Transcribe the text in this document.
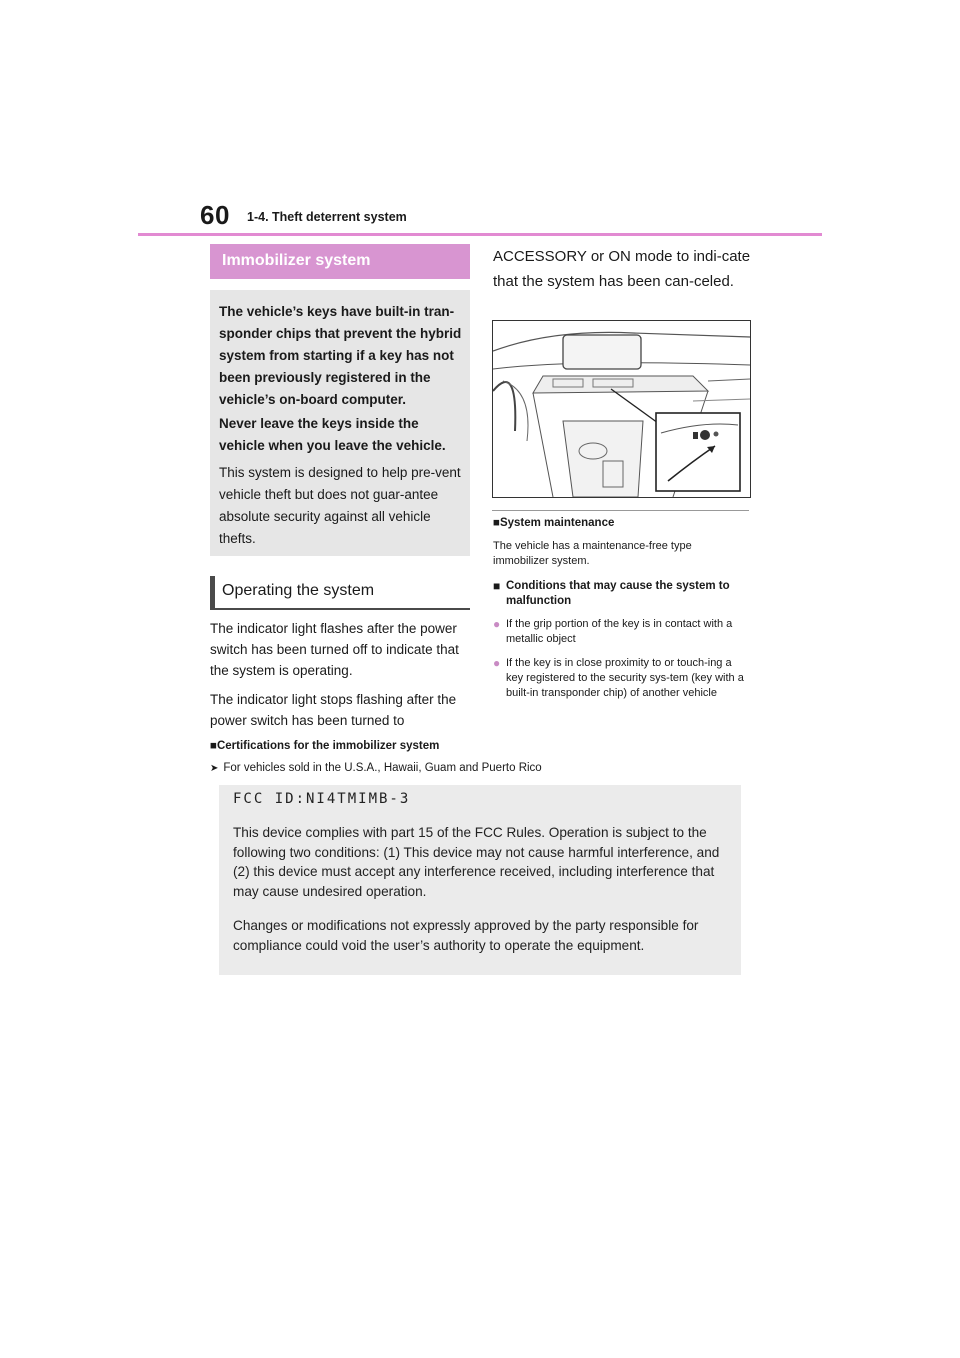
60 1-4. Theft deterrent system
Immobilizer system
The vehicle’s keys have built-in tran-sponder chips that prevent the hybrid system from starting if a key has not been previously registered in the vehicle’s on-board computer.
Never leave the keys inside the vehicle when you leave the vehicle.
This system is designed to help pre-vent vehicle theft but does not guar-antee absolute security against all vehicle thefts.
Operating the system
The indicator light flashes after the power switch has been turned off to indicate that the system is operating.
The indicator light stops flashing after the power switch has been turned to
ACCESSORY or ON mode to indi-cate that the system has been can-celed.
■System maintenance
The vehicle has a maintenance-free type immobilizer system.
■ Conditions that may cause the system to malfunction
● If the grip portion of the key is in contact with a metallic object
● If the key is in close proximity to or touch-ing a key registered to the security sys-tem (key with a built-in transponder chip) of another vehicle
■Certifications for the immobilizer system
➤ For vehicles sold in the U.S.A., Hawaii, Guam and Puerto Rico
FCC ID:NI4TMIMB-3
This device complies with part 15 of the FCC Rules. Operation is subject to the following two conditions: (1) This device may not cause harmful interference, and (2) this device must accept any interference received, including interference that may cause undesired operation.
Changes or modifications not expressly approved by the party responsible for compliance could void the user’s authority to operate the equipment.
